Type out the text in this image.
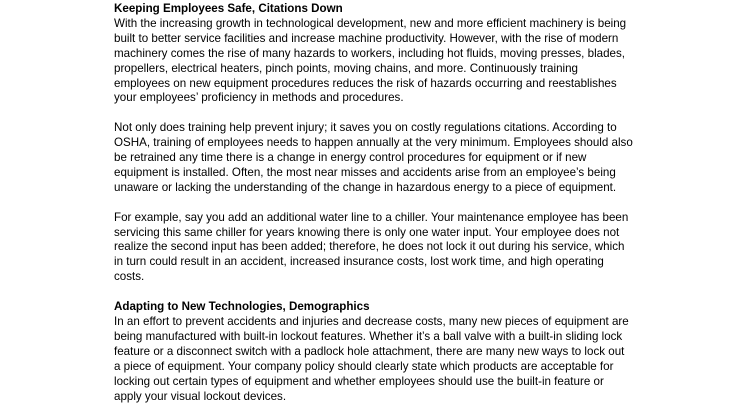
Keeping Employees Safe, Citations Down

With the increasing growth in technological development, new and more efficient machinery is being built to better service facilities and increase machine productivity. However, with the rise of modern machinery comes the rise of many hazards to workers, including hot fluids, moving presses, blades, propellers, electrical heaters, pinch points, moving chains, and more. Continuously training employees on new equipment procedures reduces the risk of hazards occurring and reestablishes your employees’ proficiency in methods and procedures.

Not only does training help prevent injury; it saves you on costly regulations citations. According to OSHA, training of employees needs to happen annually at the very minimum. Employees should also be retrained any time there is a change in energy control procedures for equipment or if new equipment is installed. Often, the most near misses and accidents arise from an employee’s being unaware or lacking the understanding of the change in hazardous energy to a piece of equipment.

For example, say you add an additional water line to a chiller. Your maintenance employee has been servicing this same chiller for years knowing there is only one water input. Your employee does not realize the second input has been added; therefore, he does not lock it out during his service, which in turn could result in an accident, increased insurance costs, lost work time, and high operating costs.

Adapting to New Technologies, Demographics

In an effort to prevent accidents and injuries and decrease costs, many new pieces of equipment are being manufactured with built-in lockout features. Whether it’s a ball valve with a built-in sliding lock feature or a disconnect switch with a padlock hole attachment, there are many new ways to lock out a piece of equipment. Your company policy should clearly state which products are acceptable for locking out certain types of equipment and whether employees should use the built-in feature or apply your visual lockout devices.
